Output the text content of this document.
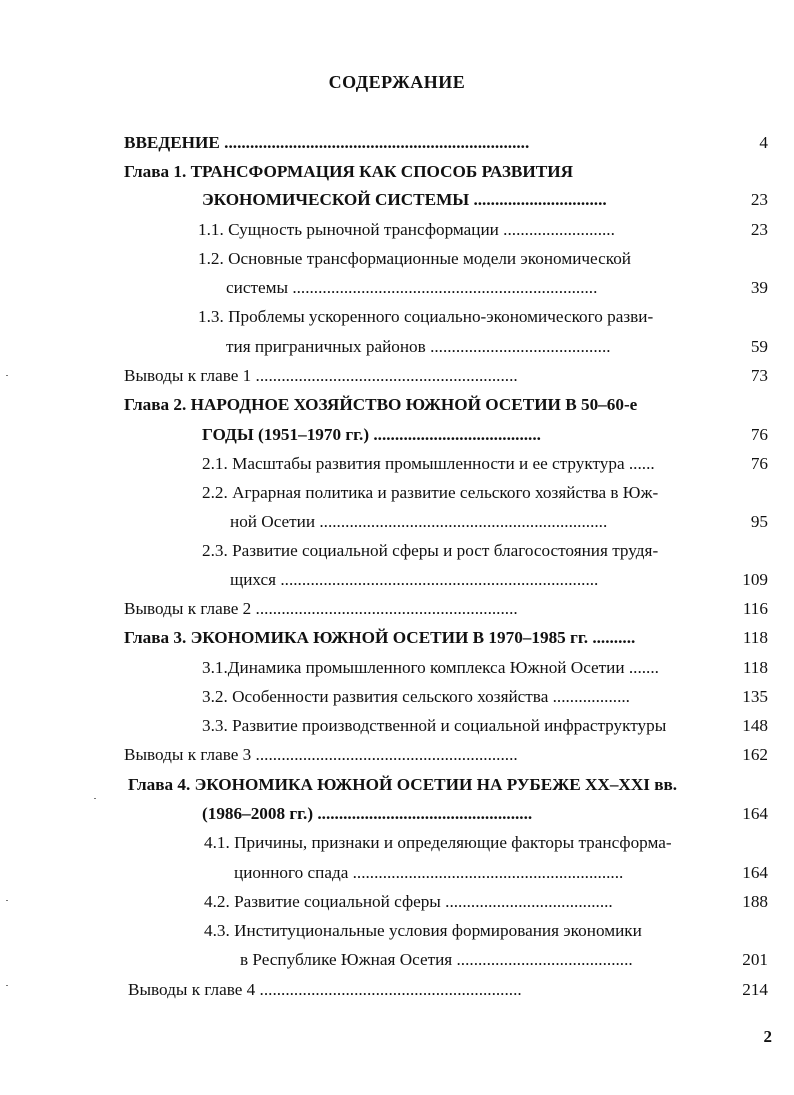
СОДЕРЖАНИЕ
ВВЕДЕНИЕ .......................................................................	4
Глава 1. ТРАНСФОРМАЦИЯ КАК СПОСОБ РАЗВИТИЯ
ЭКОНОМИЧЕСКОЙ СИСТЕМЫ ...............................	23
1.1. Сущность рыночной трансформации ..........................	23
1.2. Основные трансформационные модели экономической
системы .......................................................................	39
1.3. Проблемы ускоренного социально-экономического разви-
тия приграничных районов ..........................................	59
Выводы к главе 1 .............................................................	73
Глава 2. НАРОДНОЕ ХОЗЯЙСТВО ЮЖНОЙ ОСЕТИИ В 50–60-е
ГОДЫ (1951–1970 гг.) .......................................	76
2.1. Масштабы развития промышленности и ее структура ......	76
2.2. Аграрная политика и развитие сельского хозяйства в Юж-
ной Осетии ...................................................................	95
2.3. Развитие социальной сферы и рост благосостояния трудя-
щихся ..........................................................................	109
Выводы к главе 2 .............................................................	116
Глава 3. ЭКОНОМИКА ЮЖНОЙ ОСЕТИИ В 1970–1985 гг. ..........	118
3.1.Динамика промышленного комплекса Южной Осетии .......	118
3.2. Особенности развития сельского хозяйства ..................	135
3.3. Развитие производственной и социальной инфраструктуры	148
Выводы к главе 3 .............................................................	162
Глава 4. ЭКОНОМИКА ЮЖНОЙ ОСЕТИИ НА РУБЕЖЕ XX–XXI вв.
(1986–2008 гг.) ..................................................	164
4.1. Причины, признаки и определяющие факторы трансформа-
ционного спада ...............................................................	164
4.2. Развитие социальной сферы .......................................	188
4.3. Институциональные условия формирования экономики
в Республике Южная Осетия .........................................	201
Выводы к главе 4 .............................................................	214
2
